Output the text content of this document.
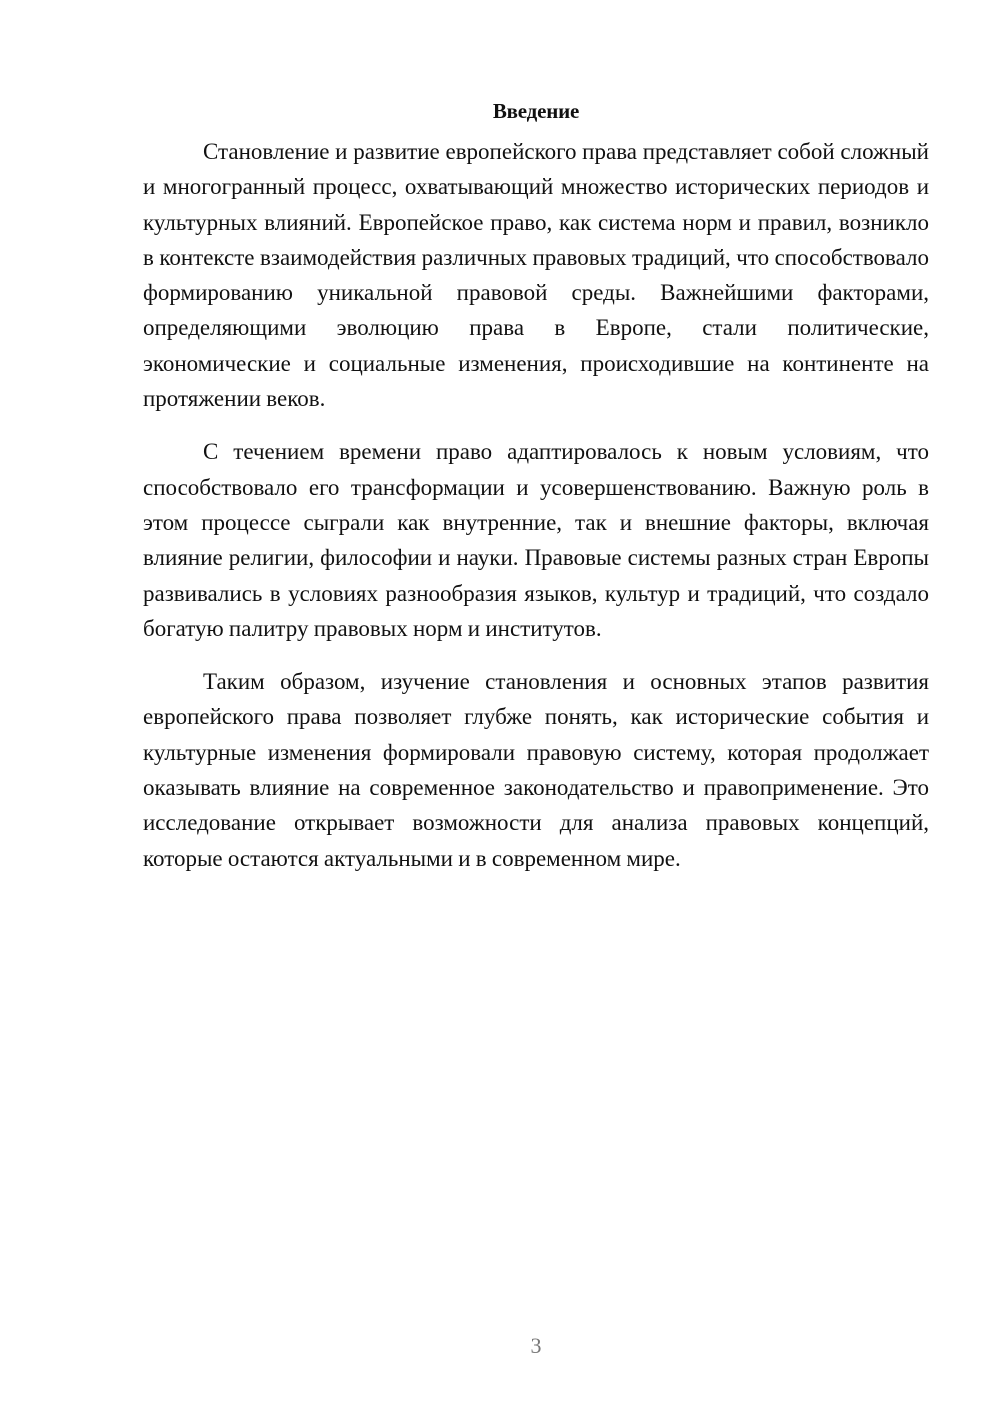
Введение

Становление и развитие европейского права представляет собой сложный и многогранный процесс, охватывающий множество исторических периодов и культурных влияний. Европейское право, как система норм и правил, возникло в контексте взаимодействия различных правовых традиций, что способствовало формированию уникальной правовой среды. Важнейшими факторами, определяющими эволюцию права в Европе, стали политические, экономические и социальные изменения, происходившие на континенте на протяжении веков.

С течением времени право адаптировалось к новым условиям, что способствовало его трансформации и усовершенствованию. Важную роль в этом процессе сыграли как внутренние, так и внешние факторы, включая влияние религии, философии и науки. Правовые системы разных стран Европы развивались в условиях разнообразия языков, культур и традиций, что создало богатую палитру правовых норм и институтов.

Таким образом, изучение становления и основных этапов развития европейского права позволяет глубже понять, как исторические события и культурные изменения формировали правовую систему, которая продолжает оказывать влияние на современное законодательство и правоприменение. Это исследование открывает возможности для анализа правовых концепций, которые остаются актуальными и в современном мире.

3
